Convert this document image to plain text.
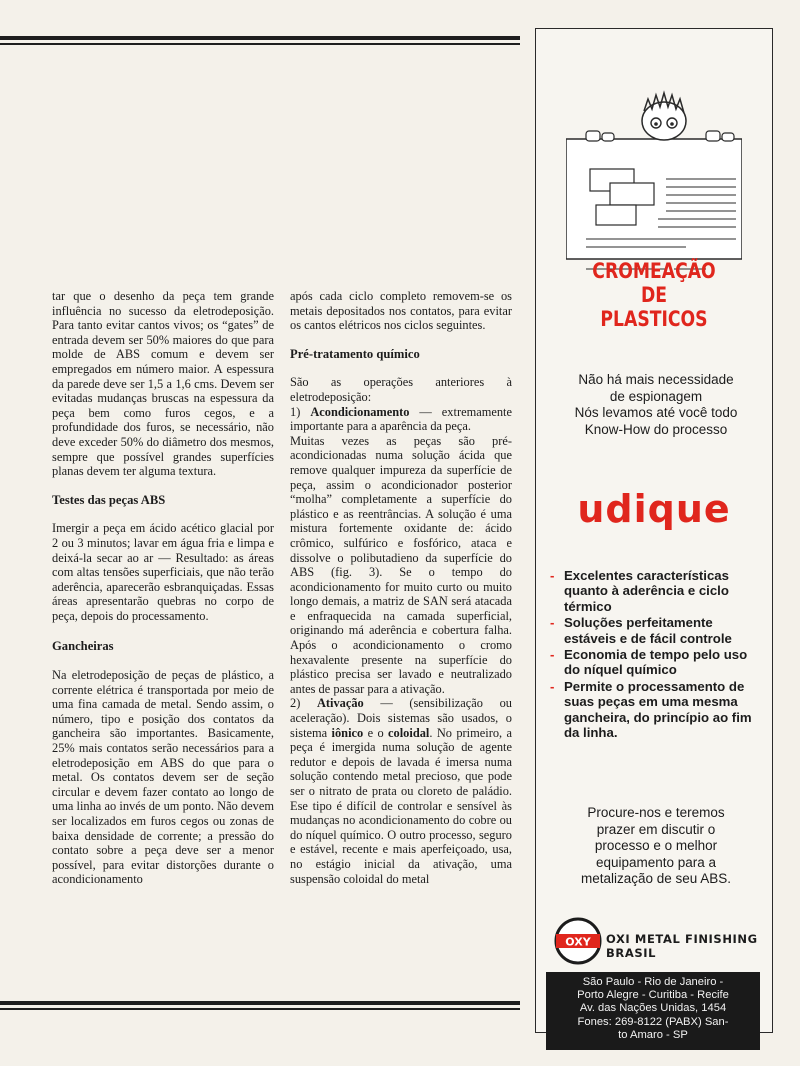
tar que o desenho da peça tem grande influência no sucesso da eletrodeposição. Para tanto evitar cantos vivos; os “gates” de entrada devem ser 50% maiores do que para molde de ABS comum e devem ser empregados em número maior. A espessura da parede deve ser 1,5 a 1,6 cms. Devem ser evitadas mudanças bruscas na espessura da peça bem como furos cegos, e a profundidade dos furos, se necessário, não deve exceder 50% do diâmetro dos mesmos, sempre que possível grandes superfícies planas devem ter alguma textura.

Testes das peças ABS

Imergir a peça em ácido acético glacial por 2 ou 3 minutos; lavar em água fria e limpa e deixá-la secar ao ar — Resultado: as áreas com altas tensões superficiais, que não terão aderência, aparecerão esbranquiçadas. Essas áreas apresentarão quebras no corpo de peça, depois do processamento.

Gancheiras

Na eletrodeposição de peças de plástico, a corrente elétrica é transportada por meio de uma fina camada de metal. Sendo assim, o número, tipo e posição dos contatos da gancheira são importantes. Basicamente, 25% mais contatos serão necessários para a eletrodeposição em ABS do que para o metal. Os contatos devem ser de seção circular e devem fazer contato ao longo de uma linha ao invés de um ponto. Não devem ser localizados em furos cegos ou zonas de baixa densidade de corrente; a pressão do contato sobre a peça deve ser a menor possível, para evitar distorções durante o acondicionamento

após cada ciclo completo removem-se os metais depositados nos contatos, para evitar os cantos elétricos nos ciclos seguintes.

Pré-tratamento químico

São as operações anteriores à eletrodeposição:
1) Acondicionamento — extremamente importante para a aparência da peça.

Muitas vezes as peças são pré-acondicionadas numa solução ácida que remove qualquer impureza da superfície de peça, assim o acondicionador posterior “molha” completamente a superfície do plástico e as reentrâncias. A solução é uma mistura fortemente oxidante de: ácido crômico, sulfúrico e fosfórico, ataca e dissolve o polibutadieno da superfície do ABS (fig. 3). Se o tempo do acondicionamento for muito curto ou muito longo demais, a matriz de SAN será atacada e enfraquecida na camada superficial, originando má aderência e cobertura falha. Após o acondicionamento o cromo hexavalente presente na superfície do plástico precisa ser lavado e neutralizado antes de passar para a ativação.

2) Ativação — (sensibilização ou aceleração). Dois sistemas são usados, o sistema iônico e o coloidal. No primeiro, a peça é imergida numa solução de agente redutor e depois de lavada é imersa numa solução contendo metal precioso, que pode ser o nitrato de prata ou cloreto de paládio. Ese tipo é difícil de controlar e sensível às mudanças no acondicionamento do cobre ou do níquel químico. O outro processo, seguro e estável, recente e mais aperfeiçoado, usa, no estágio inicial da ativação, uma suspensão coloidal do metal

CROMEAÇÃO
DE
PLASTICOS
Não há mais necessidade
de espionagem
Nós levamos até você todo
Know-How do processo
udique
- Excelentes características quanto à aderência e ciclo térmico
- Soluções perfeitamente estáveis e de fácil controle
- Economia de tempo pelo uso do níquel químico
- Permite o processamento de suas peças em uma mesma gancheira, do princípio ao fim da linha.
Procure-nos e teremos
prazer em discutir o
processo e o melhor
equipamento para a
metalização de seu ABS.
OXY OXI METAL FINISHING BRASIL
São Paulo - Rio de Janeiro -
Porto Alegre - Curitiba - Recife
Av. das Nações Unidas, 1454
Fones: 269-8122 (PABX) San-
to Amaro - SP
